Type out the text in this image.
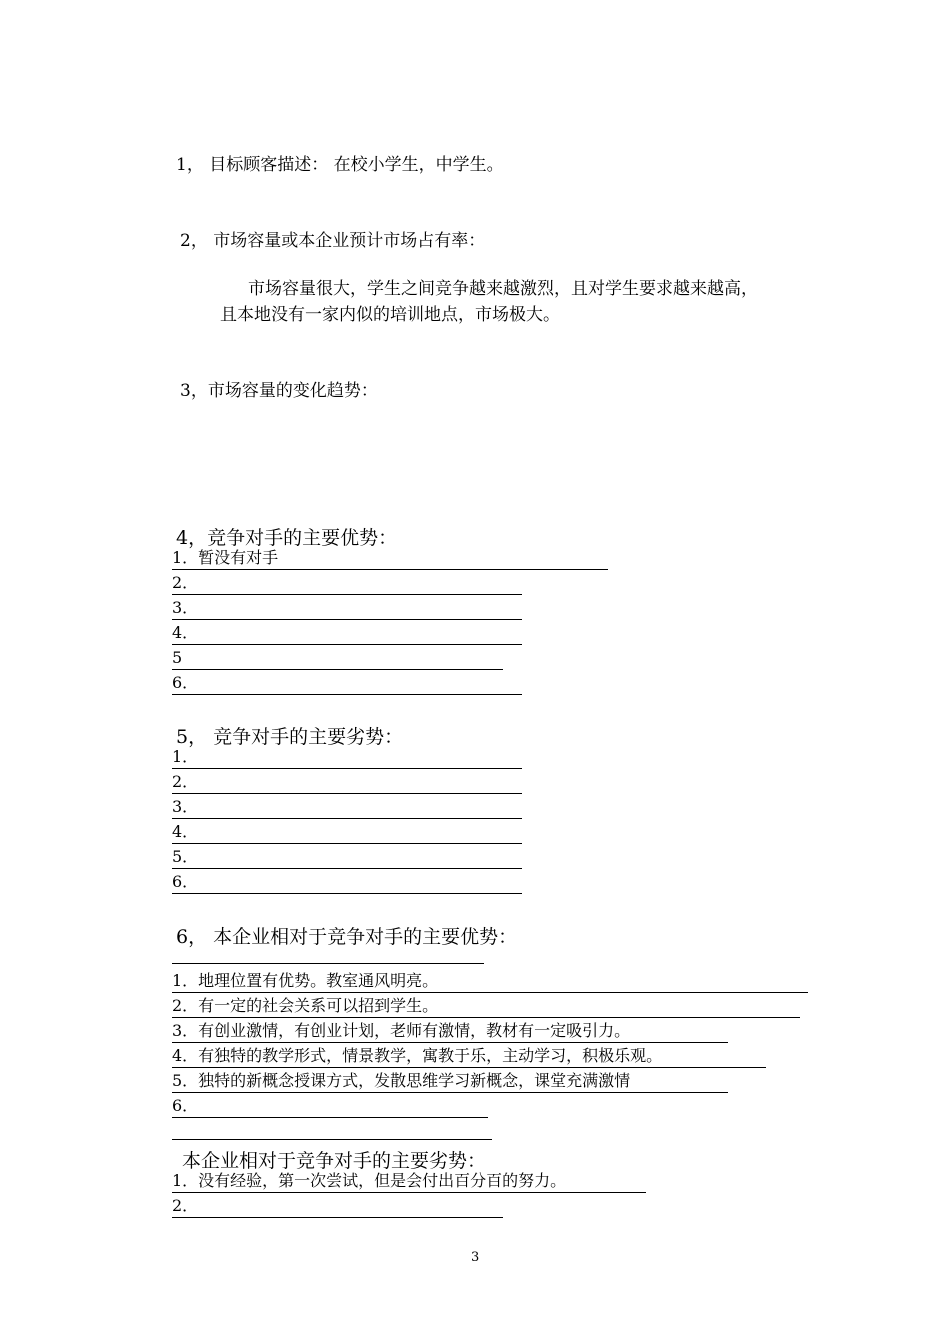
1， 目标顾客描述： 在校小学生，中学生。
2， 市场容量或本企业预计市场占有率：
市场容量很大，学生之间竞争越来越激烈，且对学生要求越来越高，
且本地没有一家内似的培训地点，市场极大。
3，市场容量的变化趋势：
4，竞争对手的主要优势：
1．暂没有对手
2．
3．
4．
5
6．
5， 竞争对手的主要劣势：
1．
2．
3．
4．
5．
6．
6， 本企业相对于竞争对手的主要优势：
1．地理位置有优势。教室通风明亮。
2．有一定的社会关系可以招到学生。
3．有创业激情，有创业计划，老师有激情，教材有一定吸引力。
4．有独特的教学形式，情景教学，寓教于乐，主动学习，积极乐观。
5．独特的新概念授课方式，发散思维学习新概念，课堂充满激情
6．
本企业相对于竞争对手的主要劣势：
1．没有经验，第一次尝试，但是会付出百分百的努力。
2．
3
